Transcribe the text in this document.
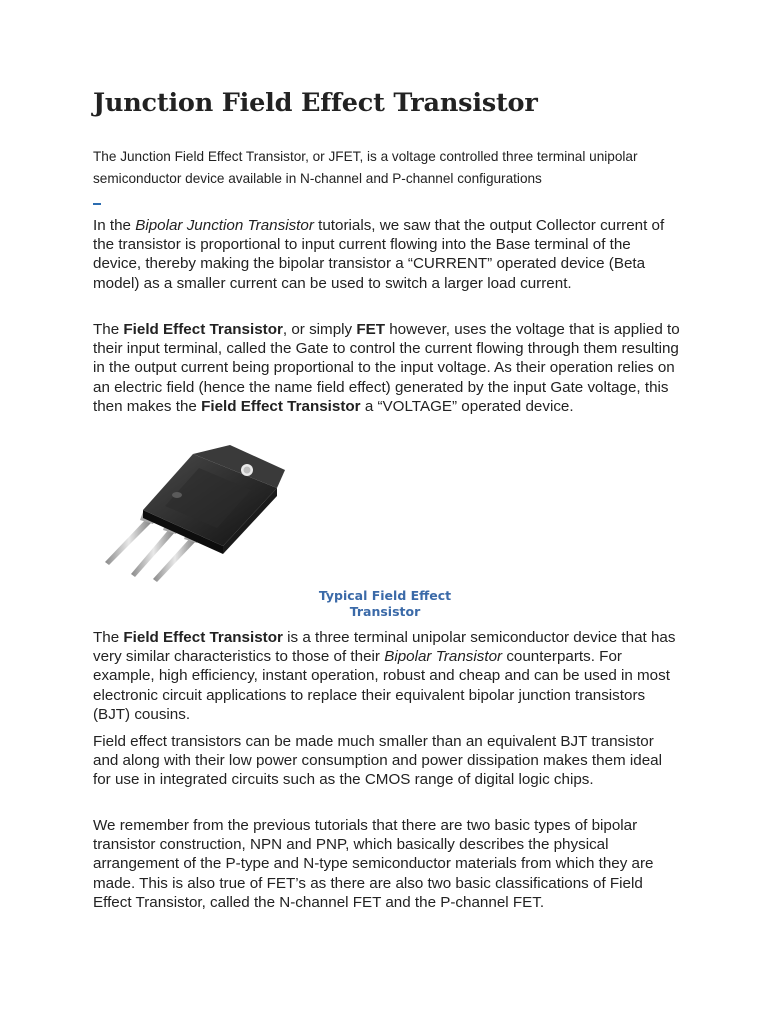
Junction Field Effect Transistor

The Junction Field Effect Transistor, or JFET, is a voltage controlled three terminal unipolar semiconductor device available in N-channel and P-channel configurations

In the Bipolar Junction Transistor tutorials, we saw that the output Collector current of the transistor is proportional to input current flowing into the Base terminal of the device, thereby making the bipolar transistor a “CURRENT” operated device (Beta model) as a smaller current can be used to switch a larger load current.

The Field Effect Transistor, or simply FET however, uses the voltage that is applied to their input terminal, called the Gate to control the current flowing through them resulting in the output current being proportional to the input voltage. As their operation relies on an electric field (hence the name field effect) generated by the input Gate voltage, this then makes the Field Effect Transistor a “VOLTAGE” operated device.

Typical Field Effect Transistor

The Field Effect Transistor is a three terminal unipolar semiconductor device that has very similar characteristics to those of their Bipolar Transistor counterparts. For example, high efficiency, instant operation, robust and cheap and can be used in most electronic circuit applications to replace their equivalent bipolar junction transistors (BJT) cousins.

Field effect transistors can be made much smaller than an equivalent BJT transistor and along with their low power consumption and power dissipation makes them ideal for use in integrated circuits such as the CMOS range of digital logic chips.

We remember from the previous tutorials that there are two basic types of bipolar transistor construction, NPN and PNP, which basically describes the physical arrangement of the P-type and N-type semiconductor materials from which they are made. This is also true of FET’s as there are also two basic classifications of Field Effect Transistor, called the N-channel FET and the P-channel FET.
